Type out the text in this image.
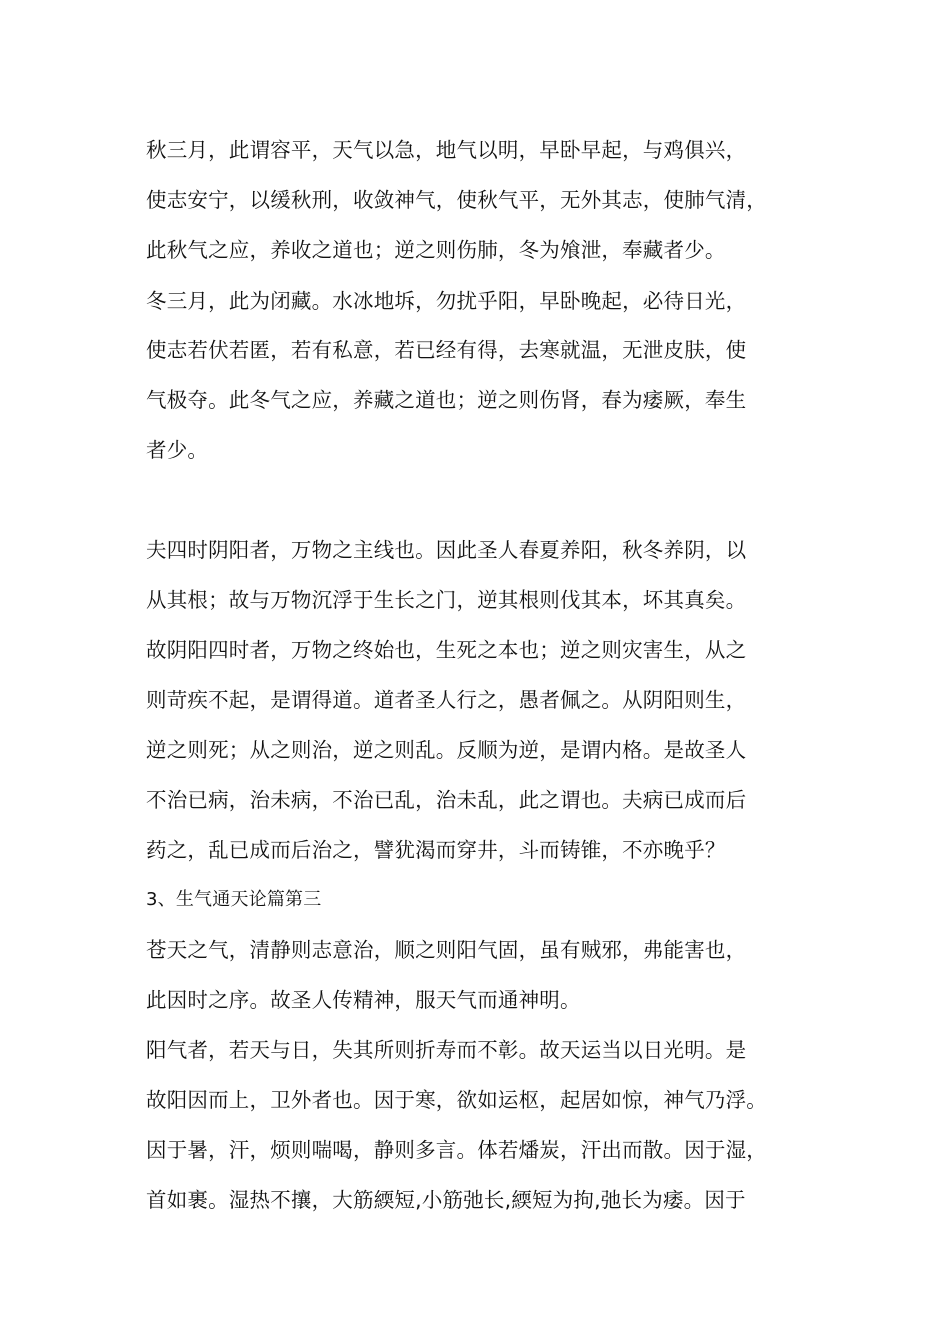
秋三月，此谓容平，天气以急，地气以明，早卧早起，与鸡俱兴，
使志安宁，以缓秋刑，收敛神气，使秋气平，无外其志，使肺气清，
此秋气之应，养收之道也；逆之则伤肺，冬为飧泄，奉藏者少。
冬三月，此为闭藏。水冰地坼，勿扰乎阳，早卧晚起，必待日光，
使志若伏若匿，若有私意，若已经有得，去寒就温，无泄皮肤，使
气极夺。此冬气之应，养藏之道也；逆之则伤肾，春为痿厥，奉生
者少。
夫四时阴阳者，万物之主线也。因此圣人春夏养阳，秋冬养阴，以
从其根；故与万物沉浮于生长之门，逆其根则伐其本，坏其真矣。
故阴阳四时者，万物之终始也，生死之本也；逆之则灾害生，从之
则苛疾不起，是谓得道。道者圣人行之，愚者佩之。从阴阳则生，
逆之则死；从之则治，逆之则乱。反顺为逆，是谓内格。是故圣人
不治已病，治未病，不治已乱，治未乱，此之谓也。夫病已成而后
药之，乱已成而后治之，譬犹渴而穿井，斗而铸锥，不亦晚乎？
3、生气通天论篇第三
苍天之气，清静则志意治，顺之则阳气固，虽有贼邪，弗能害也，
此因时之序。故圣人传精神，服天气而通神明。
阳气者，若天与日，失其所则折寿而不彰。故天运当以日光明。是
故阳因而上，卫外者也。因于寒，欲如运枢，起居如惊，神气乃浮。
因于暑，汗，烦则喘喝，静则多言。体若燔炭，汗出而散。因于湿，
首如裹。湿热不攘，大筋緛短,小筋弛长,緛短为拘,弛长为痿。因于
